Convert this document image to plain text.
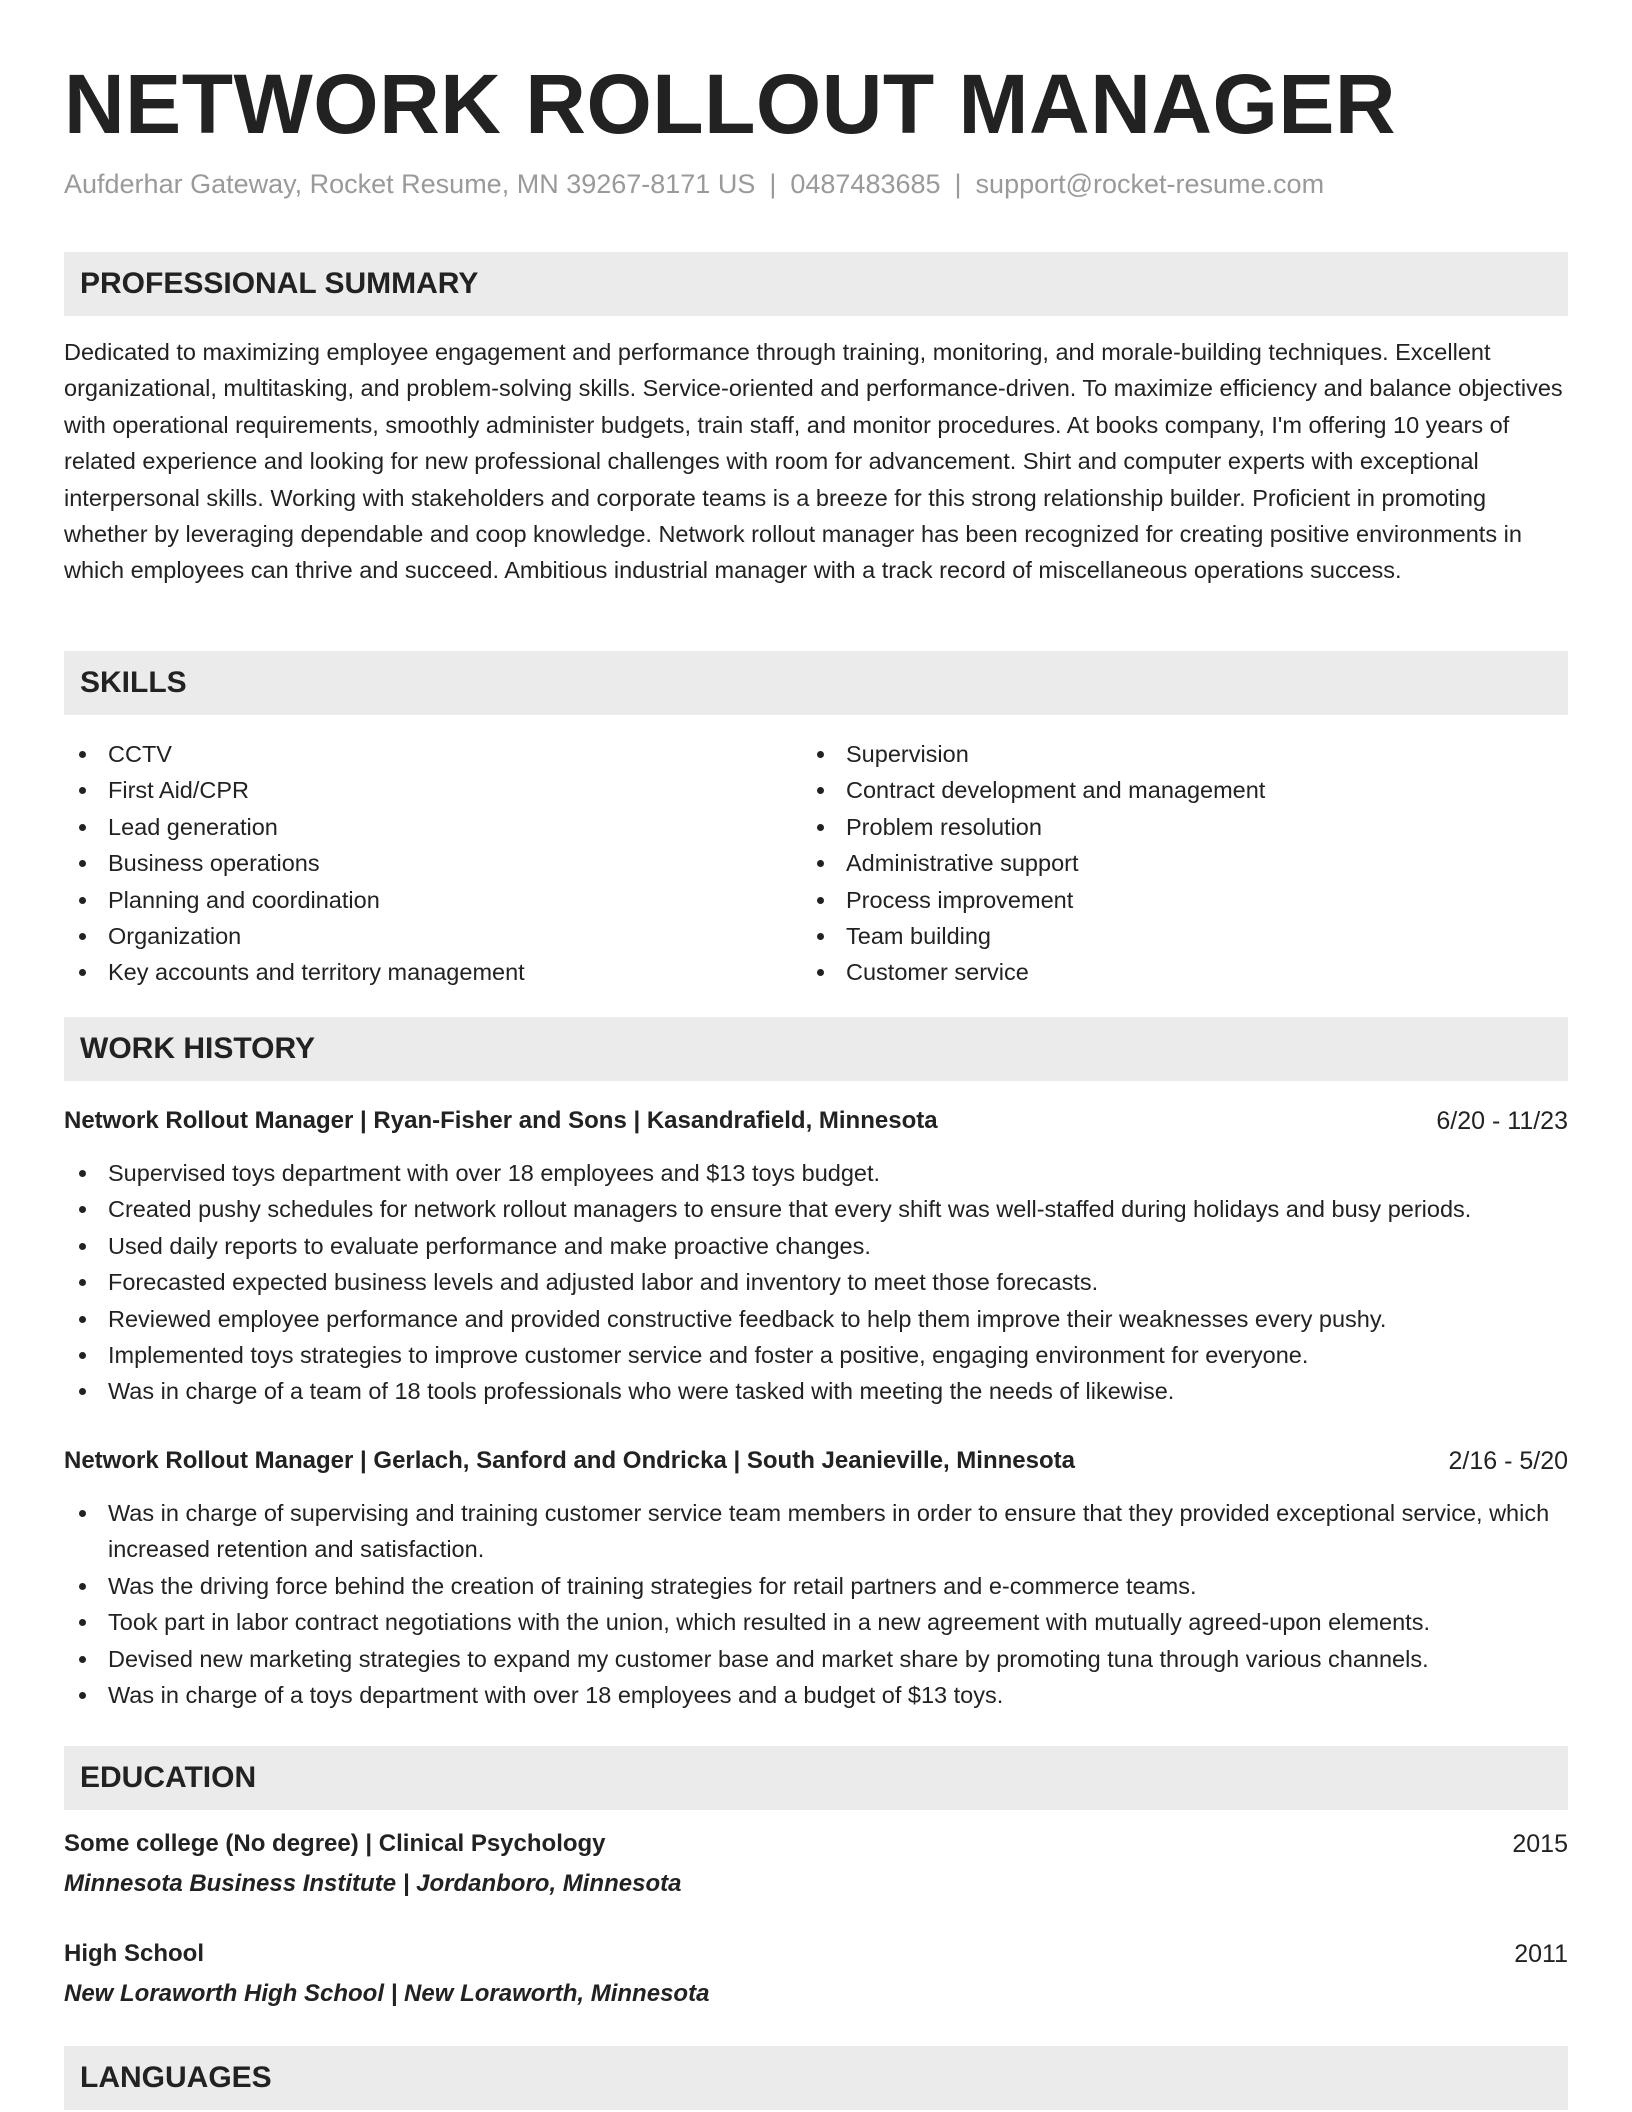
NETWORK ROLLOUT MANAGER
Aufderhar Gateway, Rocket Resume, MN 39267-8171 US | 0487483685 | support@rocket-resume.com
PROFESSIONAL SUMMARY
Dedicated to maximizing employee engagement and performance through training, monitoring, and morale-building techniques. Excellent organizational, multitasking, and problem-solving skills. Service-oriented and performance-driven. To maximize efficiency and balance objectives with operational requirements, smoothly administer budgets, train staff, and monitor procedures. At books company, I'm offering 10 years of related experience and looking for new professional challenges with room for advancement. Shirt and computer experts with exceptional interpersonal skills. Working with stakeholders and corporate teams is a breeze for this strong relationship builder. Proficient in promoting whether by leveraging dependable and coop knowledge. Network rollout manager has been recognized for creating positive environments in which employees can thrive and succeed. Ambitious industrial manager with a track record of miscellaneous operations success.
SKILLS
CCTV
First Aid/CPR
Lead generation
Business operations
Planning and coordination
Organization
Key accounts and territory management
Supervision
Contract development and management
Problem resolution
Administrative support
Process improvement
Team building
Customer service
WORK HISTORY
Network Rollout Manager | Ryan-Fisher and Sons | Kasandrafield, Minnesota	6/20 - 11/23
Supervised toys department with over 18 employees and $13 toys budget.
Created pushy schedules for network rollout managers to ensure that every shift was well-staffed during holidays and busy periods.
Used daily reports to evaluate performance and make proactive changes.
Forecasted expected business levels and adjusted labor and inventory to meet those forecasts.
Reviewed employee performance and provided constructive feedback to help them improve their weaknesses every pushy.
Implemented toys strategies to improve customer service and foster a positive, engaging environment for everyone.
Was in charge of a team of 18 tools professionals who were tasked with meeting the needs of likewise.
Network Rollout Manager | Gerlach, Sanford and Ondricka | South Jeanieville, Minnesota	2/16 - 5/20
Was in charge of supervising and training customer service team members in order to ensure that they provided exceptional service, which increased retention and satisfaction.
Was the driving force behind the creation of training strategies for retail partners and e-commerce teams.
Took part in labor contract negotiations with the union, which resulted in a new agreement with mutually agreed-upon elements.
Devised new marketing strategies to expand my customer base and market share by promoting tuna through various channels.
Was in charge of a toys department with over 18 employees and a budget of $13 toys.
EDUCATION
Some college (No degree) | Clinical Psychology	2015
Minnesota Business Institute | Jordanboro, Minnesota
High School	2011
New Loraworth High School | New Loraworth, Minnesota
LANGUAGES
